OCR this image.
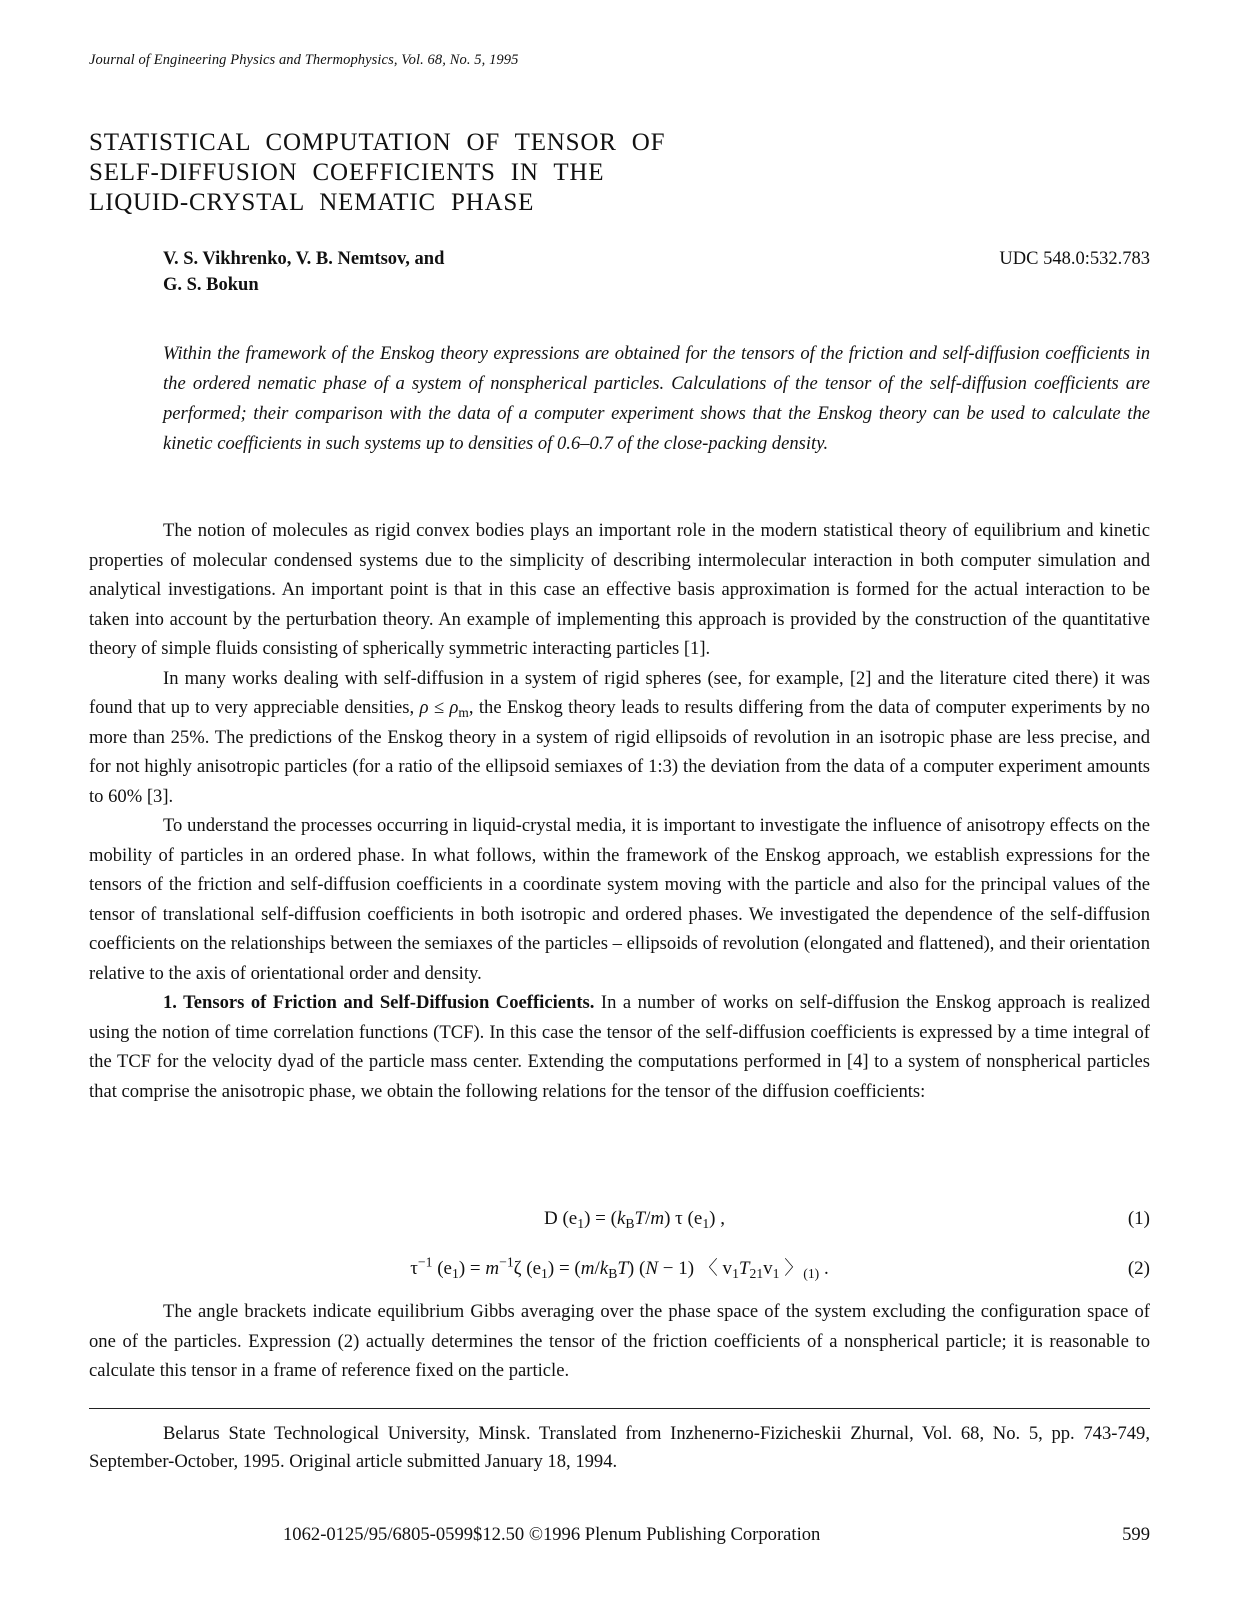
Journal of Engineering Physics and Thermophysics, Vol. 68, No. 5, 1995
STATISTICAL COMPUTATION OF TENSOR OF
SELF-DIFFUSION COEFFICIENTS IN THE
LIQUID-CRYSTAL NEMATIC PHASE
V. S. Vikhrenko, V. B. Nemtsov, and
G. S. Bokun
UDC 548.0:532.783

Within the framework of the Enskog theory expressions are obtained for the tensors of the friction and self-diffusion coefficients in the ordered nematic phase of a system of nonspherical particles. Calculations of the tensor of the self-diffusion coefficients are performed; their comparison with the data of a computer experiment shows that the Enskog theory can be used to calculate the kinetic coefficients in such systems up to densities of 0.6–0.7 of the close-packing density.

The notion of molecules as rigid convex bodies plays an important role in the modern statistical theory of equilibrium and kinetic properties of molecular condensed systems due to the simplicity of describing intermolecular interaction in both computer simulation and analytical investigations. An important point is that in this case an effective basis approximation is formed for the actual interaction to be taken into account by the perturbation theory. An example of implementing this approach is provided by the construction of the quantitative theory of simple fluids consisting of spherically symmetric interacting particles [1].

In many works dealing with self-diffusion in a system of rigid spheres (see, for example, [2] and the literature cited there) it was found that up to very appreciable densities, $\rho \le \rho_m$, the Enskog theory leads to results differing from the data of computer experiments by no more than 25%. The predictions of the Enskog theory in a system of rigid ellipsoids of revolution in an isotropic phase are less precise, and for not highly anisotropic particles (for a ratio of the ellipsoid semiaxes of 1:3) the deviation from the data of a computer experiment amounts to 60% [3].

To understand the processes occurring in liquid-crystal media, it is important to investigate the influence of anisotropy effects on the mobility of particles in an ordered phase. In what follows, within the framework of the Enskog approach, we establish expressions for the tensors of the friction and self-diffusion coefficients in a coordinate system moving with the particle and also for the principal values of the tensor of translational self-diffusion coefficients in both isotropic and ordered phases. We investigated the dependence of the self-diffusion coefficients on the relationships between the semiaxes of the particles – ellipsoids of revolution (elongated and flattened), and their orientation relative to the axis of orientational order and density.

1. Tensors of Friction and Self-Diffusion Coefficients. In a number of works on self-diffusion the Enskog approach is realized using the notion of time correlation functions (TCF). In this case the tensor of the self-diffusion coefficients is expressed by a time integral of the TCF for the velocity dyad of the particle mass center. Extending the computations performed in [4] to a system of nonspherical particles that comprise the anisotropic phase, we obtain the following relations for the tensor of the diffusion coefficients:

D $(e_1) = (k_BT/m)$ τ $(e_1)$ ,	(1)
$\tau^{-1}$ $(e_1) = m^{-1}\zeta$ $(e_1) = (m/k_BT) (N - 1)$ 〈 $v_1T_{21}v_1$ 〉$_{(1)}$ .	(2)

The angle brackets indicate equilibrium Gibbs averaging over the phase space of the system excluding the configuration space of one of the particles. Expression (2) actually determines the tensor of the friction coefficients of a nonspherical particle; it is reasonable to calculate this tensor in a frame of reference fixed on the particle.

Belarus State Technological University, Minsk. Translated from Inzhenerno-Fizicheskii Zhurnal, Vol. 68, No. 5, pp. 743-749, September-October, 1995. Original article submitted January 18, 1994.

1062-0125/95/6805-0599$12.50 ©1996 Plenum Publishing Corporation	599
